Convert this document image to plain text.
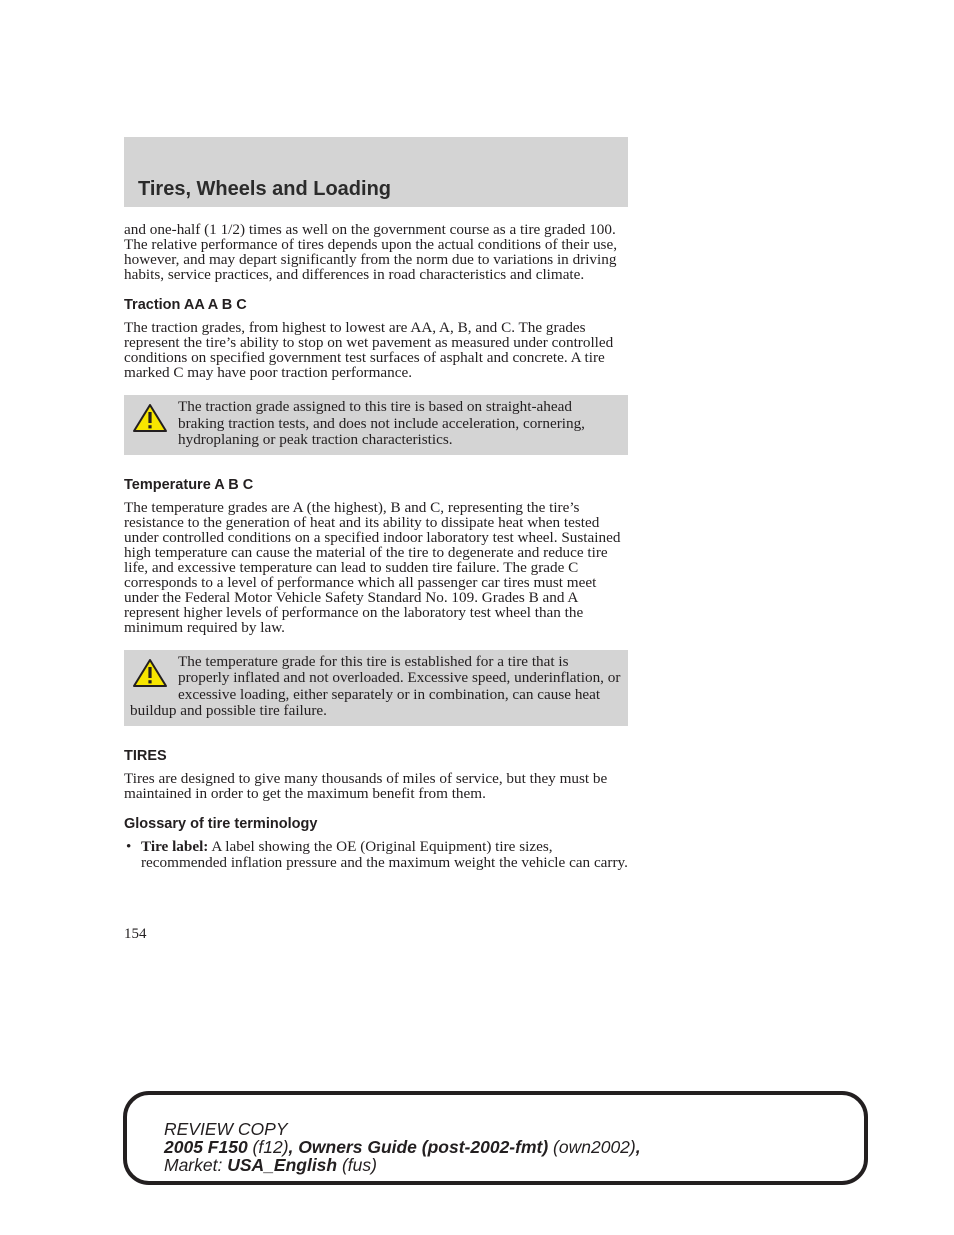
Tires, Wheels and Loading

and one-half (1 1/2) times as well on the government course as a tire graded 100. The relative performance of tires depends upon the actual conditions of their use, however, and may depart significantly from the norm due to variations in driving habits, service practices, and differences in road characteristics and climate.

Traction AA A B C

The traction grades, from highest to lowest are AA, A, B, and C. The grades represent the tire’s ability to stop on wet pavement as measured under controlled conditions on specified government test surfaces of asphalt and concrete. A tire marked C may have poor traction performance.

The traction grade assigned to this tire is based on straight-ahead braking traction tests, and does not include acceleration, cornering, hydroplaning or peak traction characteristics.
Temperature A B C

The temperature grades are A (the highest), B and C, representing the tire’s resistance to the generation of heat and its ability to dissipate heat when tested under controlled conditions on a specified indoor laboratory test wheel. Sustained high temperature can cause the material of the tire to degenerate and reduce tire life, and excessive temperature can lead to sudden tire failure. The grade C corresponds to a level of performance which all passenger car tires must meet under the Federal Motor Vehicle Safety Standard No. 109. Grades B and A represent higher levels of performance on the laboratory test wheel than the minimum required by law.

The temperature grade for this tire is established for a tire that is properly inflated and not overloaded. Excessive speed, underinflation, or excessive loading, either separately or in combination, can cause heat buildup and possible tire failure.
TIRES

Tires are designed to give many thousands of miles of service, but they must be maintained in order to get the maximum benefit from them.

Glossary of tire terminology
• Tire label: A label showing the OE (Original Equipment) tire sizes, recommended inflation pressure and the maximum weight the vehicle can carry.

154

REVIEW COPY
2005 F150 (f12), Owners Guide (post-2002-fmt) (own2002),
Market: USA_English (fus)
